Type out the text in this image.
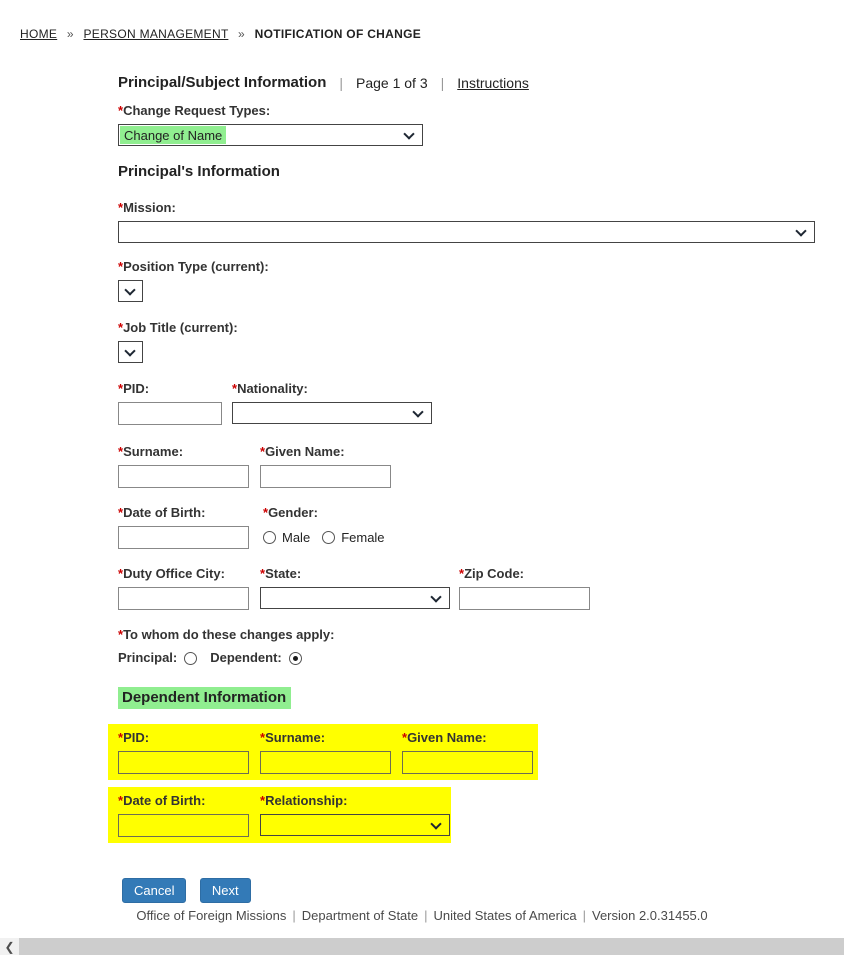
HOME » PERSON MANAGEMENT » NOTIFICATION OF CHANGE
Principal/Subject Information | Page 1 of 3 | Instructions
*Change Request Types:
Change of Name
Principal's Information
*Mission:
*Position Type (current):
*Job Title (current):
*PID:	*Nationality:
*Surname:	*Given Name:
*Date of Birth:	*Gender:
Male Female
*Duty Office City:	*State:	*Zip Code:
*To whom do these changes apply:
Principal:	Dependent:
Dependent Information
*PID:	*Surname:	*Given Name:
*Date of Birth:	*Relationship:
Cancel	Next
Office of Foreign Missions | Department of State | United States of America | Version 2.0.31455.0
❮
